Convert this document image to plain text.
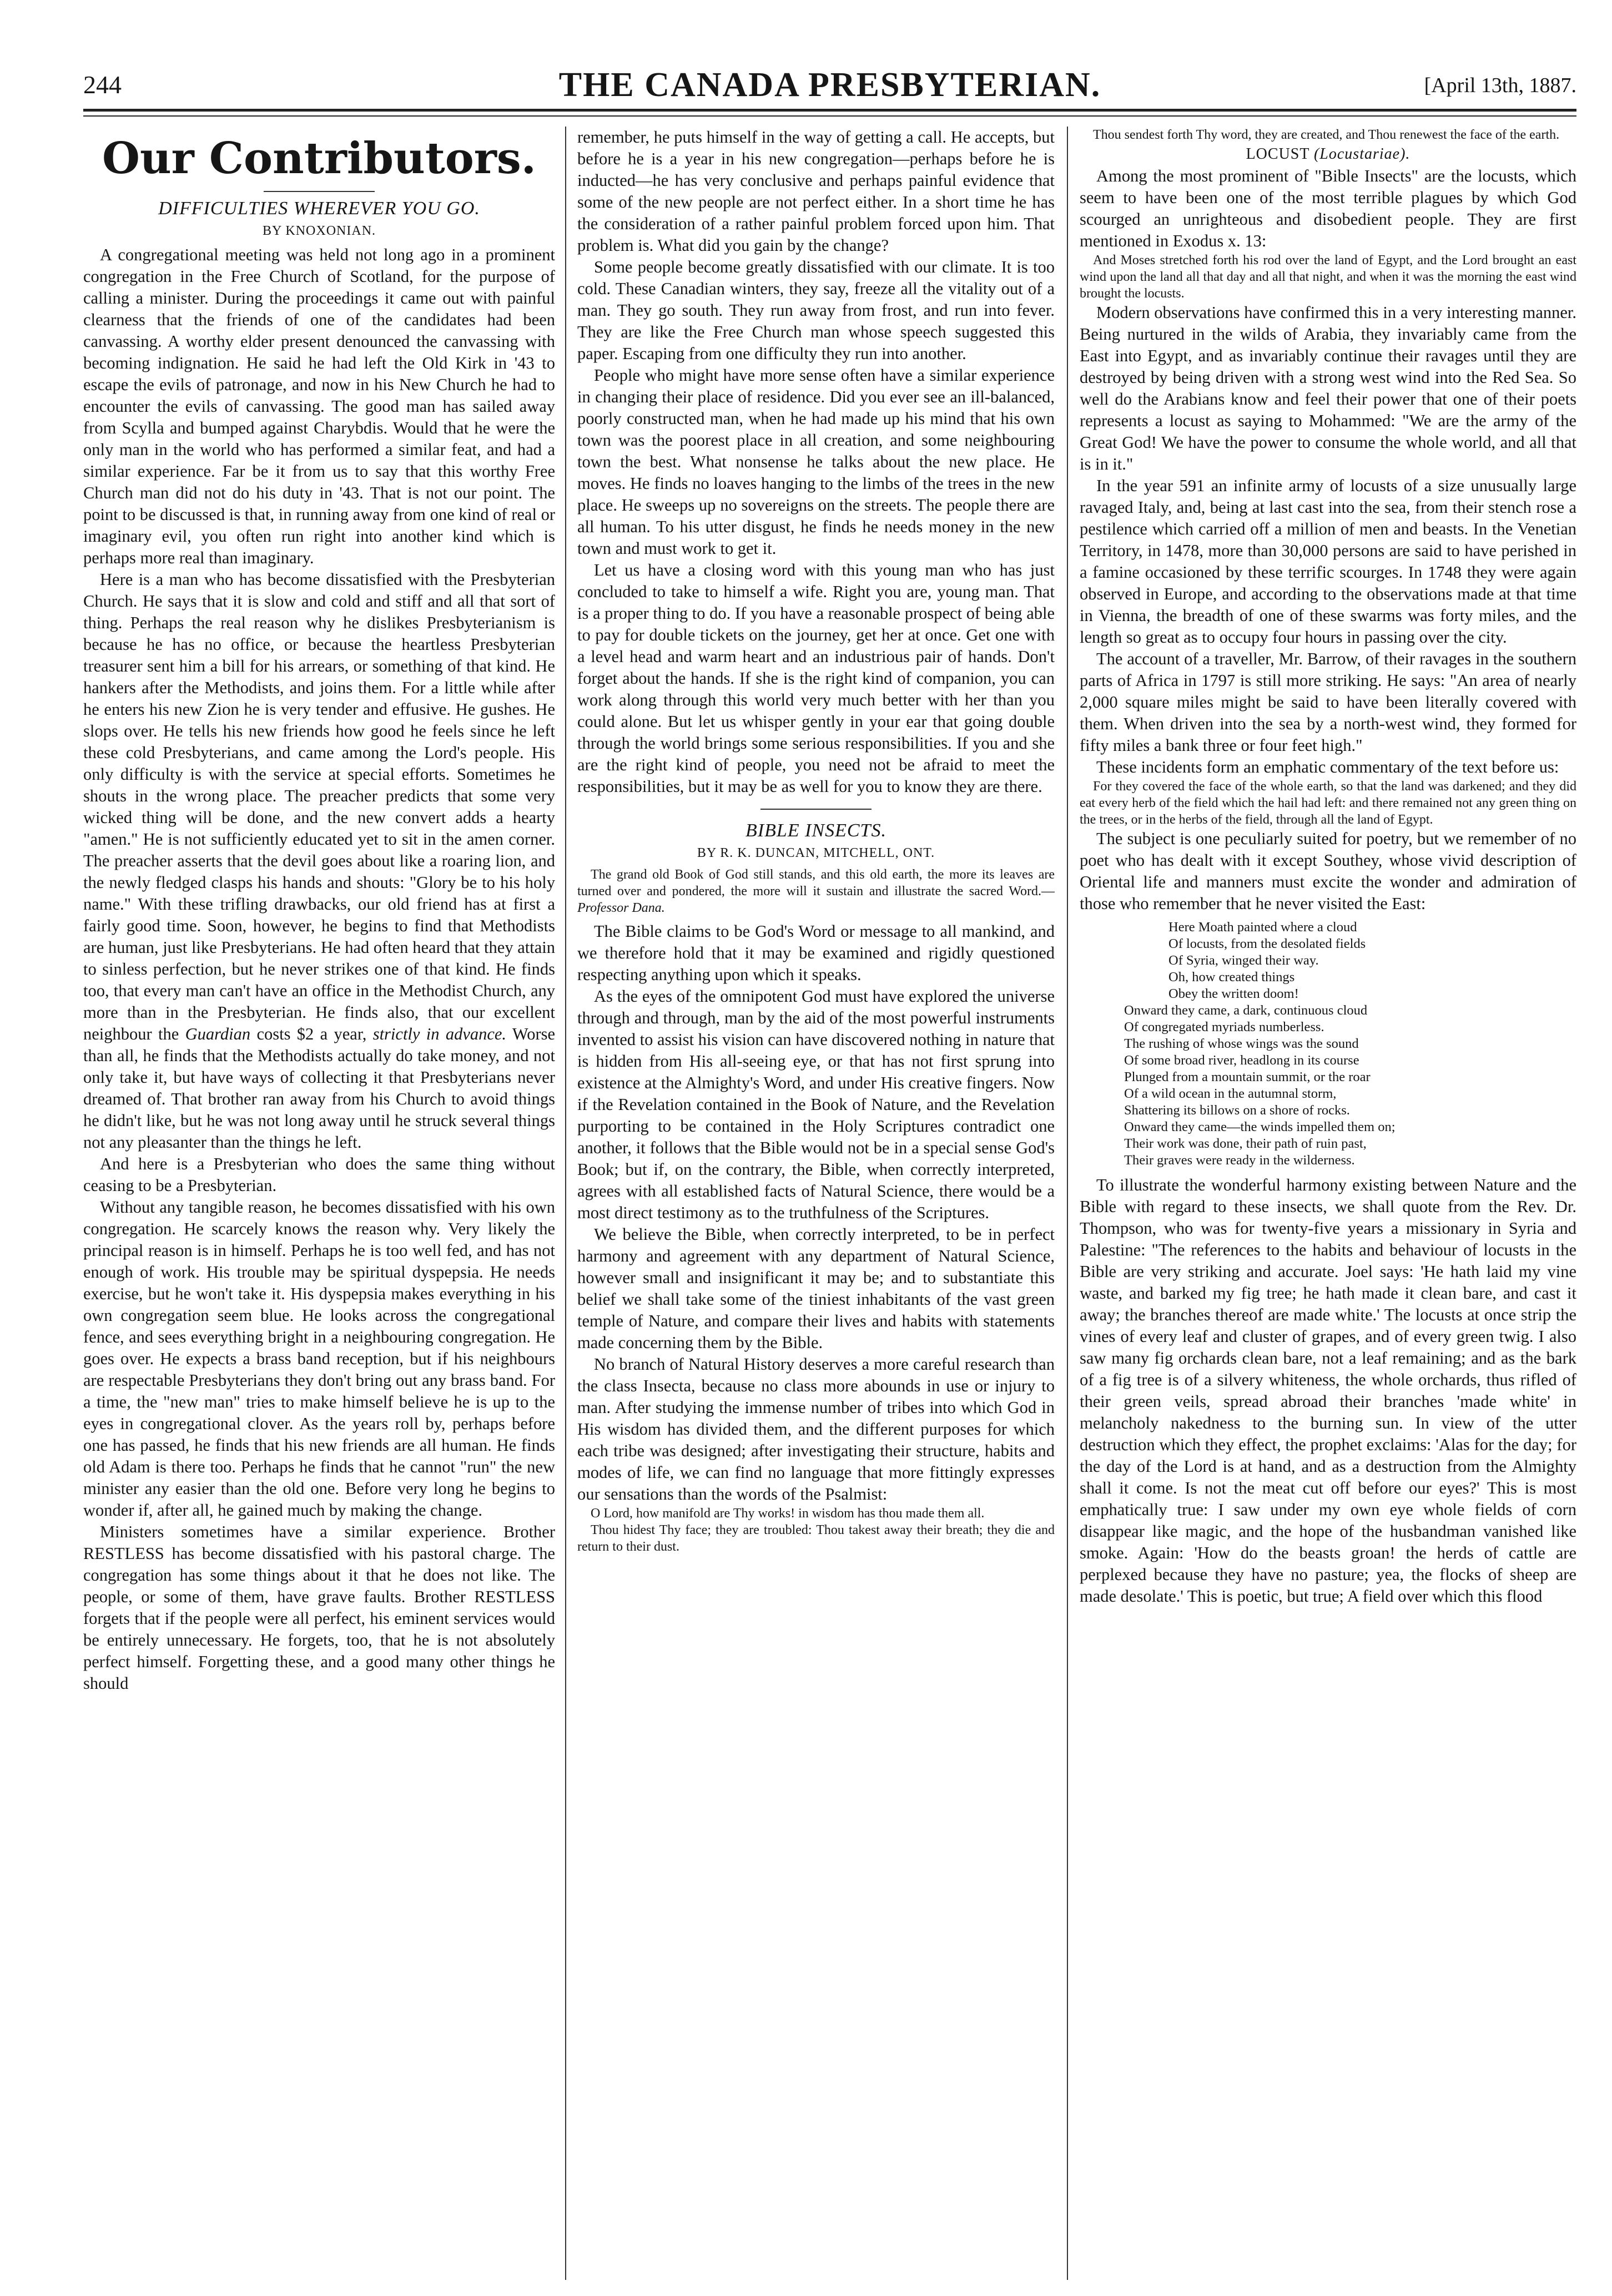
244	THE CANADA PRESBYTERIAN.	[April 13th, 1887.
Our Contributors.
DIFFICULTIES WHEREVER YOU GO.
BY KNOXONIAN.

A congregational meeting was held not long ago in a prominent congregation in the Free Church of Scotland, for the purpose of calling a minister. During the proceedings it came out with painful clearness that the friends of one of the candidates had been canvassing. A worthy elder present denounced the canvassing with becoming indignation. He said he had left the Old Kirk in '43 to escape the evils of patronage, and now in his New Church he had to encounter the evils of canvassing. The good man has sailed away from Scylla and bumped against Charybdis. Would that he were the only man in the world who has performed a similar feat, and had a similar experience. Far be it from us to say that this worthy Free Church man did not do his duty in '43. That is not our point. The point to be discussed is that, in running away from one kind of real or imaginary evil, you often run right into another kind which is perhaps more real than imaginary.

Here is a man who has become dissatisfied with the Presbyterian Church. He says that it is slow and cold and stiff and all that sort of thing. Perhaps the real reason why he dislikes Presbyterianism is because he has no office, or because the heartless Presbyterian treasurer sent him a bill for his arrears, or something of that kind. He hankers after the Methodists, and joins them. For a little while after he enters his new Zion he is very tender and effusive. He gushes. He slops over. He tells his new friends how good he feels since he left these cold Presbyterians, and came among the Lord's people. His only difficulty is with the service at special efforts. Sometimes he shouts in the wrong place. The preacher predicts that some very wicked thing will be done, and the new convert adds a hearty "amen." He is not sufficiently educated yet to sit in the amen corner. The preacher asserts that the devil goes about like a roaring lion, and the newly fledged clasps his hands and shouts: "Glory be to his holy name." With these trifling drawbacks, our old friend has at first a fairly good time. Soon, however, he begins to find that Methodists are human, just like Presbyterians. He had often heard that they attain to sinless perfection, but he never strikes one of that kind. He finds too, that every man can't have an office in the Methodist Church, any more than in the Presbyterian. He finds also, that our excellent neighbour the Guardian costs $2 a year, strictly in advance. Worse than all, he finds that the Methodists actually do take money, and not only take it, but have ways of collecting it that Presbyterians never dreamed of. That brother ran away from his Church to avoid things he didn't like, but he was not long away until he struck several things not any pleasanter than the things he left.

And here is a Presbyterian who does the same thing without ceasing to be a Presbyterian.

Without any tangible reason, he becomes dissatisfied with his own congregation. He scarcely knows the reason why. Very likely the principal reason is in himself. Perhaps he is too well fed, and has not enough of work. His trouble may be spiritual dyspepsia. He needs exercise, but he won't take it. His dyspepsia makes everything in his own congregation seem blue. He looks across the congregational fence, and sees everything bright in a neighbouring congregation. He goes over. He expects a brass band reception, but if his neighbours are respectable Presbyterians they don't bring out any brass band. For a time, the "new man" tries to make himself believe he is up to the eyes in congregational clover. As the years roll by, perhaps before one has passed, he finds that his new friends are all human. He finds old Adam is there too. Perhaps he finds that he cannot "run" the new minister any easier than the old one. Before very long he begins to wonder if, after all, he gained much by making the change.

Ministers sometimes have a similar experience. Brother RESTLESS has become dissatisfied with his pastoral charge. The congregation has some things about it that he does not like. The people, or some of them, have grave faults. Brother RESTLESS forgets that if the people were all perfect, his eminent services would be entirely unnecessary. He forgets, too, that he is not absolutely perfect himself. Forgetting these, and a good many other things he should

remember, he puts himself in the way of getting a call. He accepts, but before he is a year in his new congregation—perhaps before he is inducted—he has very conclusive and perhaps painful evidence that some of the new people are not perfect either. In a short time he has the consideration of a rather painful problem forced upon him. That problem is. What did you gain by the change?

Some people become greatly dissatisfied with our climate. It is too cold. These Canadian winters, they say, freeze all the vitality out of a man. They go south. They run away from frost, and run into fever. They are like the Free Church man whose speech suggested this paper. Escaping from one difficulty they run into another.

People who might have more sense often have a similar experience in changing their place of residence. Did you ever see an ill-balanced, poorly constructed man, when he had made up his mind that his own town was the poorest place in all creation, and some neighbouring town the best. What nonsense he talks about the new place. He moves. He finds no loaves hanging to the limbs of the trees in the new place. He sweeps up no sovereigns on the streets. The people there are all human. To his utter disgust, he finds he needs money in the new town and must work to get it.

Let us have a closing word with this young man who has just concluded to take to himself a wife. Right you are, young man. That is a proper thing to do. If you have a reasonable prospect of being able to pay for double tickets on the journey, get her at once. Get one with a level head and warm heart and an industrious pair of hands. Don't forget about the hands. If she is the right kind of companion, you can work along through this world very much better with her than you could alone. But let us whisper gently in your ear that going double through the world brings some serious responsibilities. If you and she are the right kind of people, you need not be afraid to meet the responsibilities, but it may be as well for you to know they are there.

BIBLE INSECTS.
BY R. K. DUNCAN, MITCHELL, ONT.

The grand old Book of God still stands, and this old earth, the more its leaves are turned over and pondered, the more will it sustain and illustrate the sacred Word.—Professor Dana.

The Bible claims to be God's Word or message to all mankind, and we therefore hold that it may be examined and rigidly questioned respecting anything upon which it speaks.

As the eyes of the omnipotent God must have explored the universe through and through, man by the aid of the most powerful instruments invented to assist his vision can have discovered nothing in nature that is hidden from His all-seeing eye, or that has not first sprung into existence at the Almighty's Word, and under His creative fingers. Now if the Revelation contained in the Book of Nature, and the Revelation purporting to be contained in the Holy Scriptures contradict one another, it follows that the Bible would not be in a special sense God's Book; but if, on the contrary, the Bible, when correctly interpreted, agrees with all established facts of Natural Science, there would be a most direct testimony as to the truthfulness of the Scriptures.

We believe the Bible, when correctly interpreted, to be in perfect harmony and agreement with any department of Natural Science, however small and insignificant it may be; and to substantiate this belief we shall take some of the tiniest inhabitants of the vast green temple of Nature, and compare their lives and habits with statements made concerning them by the Bible.

No branch of Natural History deserves a more careful research than the class Insecta, because no class more abounds in use or injury to man. After studying the immense number of tribes into which God in His wisdom has divided them, and the different purposes for which each tribe was designed; after investigating their structure, habits and modes of life, we can find no language that more fittingly expresses our sensations than the words of the Psalmist:

O Lord, how manifold are Thy works! in wisdom has thou made them all.

Thou hidest Thy face; they are troubled: Thou takest away their breath; they die and return to their dust.

Thou sendest forth Thy word, they are created, and Thou renewest the face of the earth.

LOCUST (Locustariae).

Among the most prominent of "Bible Insects" are the locusts, which seem to have been one of the most terrible plagues by which God scourged an unrighteous and disobedient people. They are first mentioned in Exodus x. 13:

And Moses stretched forth his rod over the land of Egypt, and the Lord brought an east wind upon the land all that day and all that night, and when it was the morning the east wind brought the locusts.

Modern observations have confirmed this in a very interesting manner. Being nurtured in the wilds of Arabia, they invariably came from the East into Egypt, and as invariably continue their ravages until they are destroyed by being driven with a strong west wind into the Red Sea. So well do the Arabians know and feel their power that one of their poets represents a locust as saying to Mohammed: "We are the army of the Great God! We have the power to consume the whole world, and all that is in it."

In the year 591 an infinite army of locusts of a size unusually large ravaged Italy, and, being at last cast into the sea, from their stench rose a pestilence which carried off a million of men and beasts. In the Venetian Territory, in 1478, more than 30,000 persons are said to have perished in a famine occasioned by these terrific scourges. In 1748 they were again observed in Europe, and according to the observations made at that time in Vienna, the breadth of one of these swarms was forty miles, and the length so great as to occupy four hours in passing over the city.

The account of a traveller, Mr. Barrow, of their ravages in the southern parts of Africa in 1797 is still more striking. He says: "An area of nearly 2,000 square miles might be said to have been literally covered with them. When driven into the sea by a north-west wind, they formed for fifty miles a bank three or four feet high."

These incidents form an emphatic commentary of the text before us:

For they covered the face of the whole earth, so that the land was darkened; and they did eat every herb of the field which the hail had left: and there remained not any green thing on the trees, or in the herbs of the field, through all the land of Egypt.

The subject is one peculiarly suited for poetry, but we remember of no poet who has dealt with it except Southey, whose vivid description of Oriental life and manners must excite the wonder and admiration of those who remember that he never visited the East:

Here Moath painted where a cloud
Of locusts, from the desolated fields
Of Syria, winged their way.
Oh, how created things
Obey the written doom!
Onward they came, a dark, continuous cloud
Of congregated myriads numberless.
The rushing of whose wings was the sound
Of some broad river, headlong in its course
Plunged from a mountain summit, or the roar
Of a wild ocean in the autumnal storm,
Shattering its billows on a shore of rocks.
Onward they came—the winds impelled them on;
Their work was done, their path of ruin past,
Their graves were ready in the wilderness.

To illustrate the wonderful harmony existing between Nature and the Bible with regard to these insects, we shall quote from the Rev. Dr. Thompson, who was for twenty-five years a missionary in Syria and Palestine: "The references to the habits and behaviour of locusts in the Bible are very striking and accurate. Joel says: 'He hath laid my vine waste, and barked my fig tree; he hath made it clean bare, and cast it away; the branches thereof are made white.' The locusts at once strip the vines of every leaf and cluster of grapes, and of every green twig. I also saw many fig orchards clean bare, not a leaf remaining; and as the bark of a fig tree is of a silvery whiteness, the whole orchards, thus rifled of their green veils, spread abroad their branches 'made white' in melancholy nakedness to the burning sun. In view of the utter destruction which they effect, the prophet exclaims: 'Alas for the day; for the day of the Lord is at hand, and as a destruction from the Almighty shall it come. Is not the meat cut off before our eyes?' This is most emphatically true: I saw under my own eye whole fields of corn disappear like magic, and the hope of the husbandman vanished like smoke. Again: 'How do the beasts groan! the herds of cattle are perplexed because they have no pasture; yea, the flocks of sheep are made desolate.' This is poetic, but true; A field over which this flood
